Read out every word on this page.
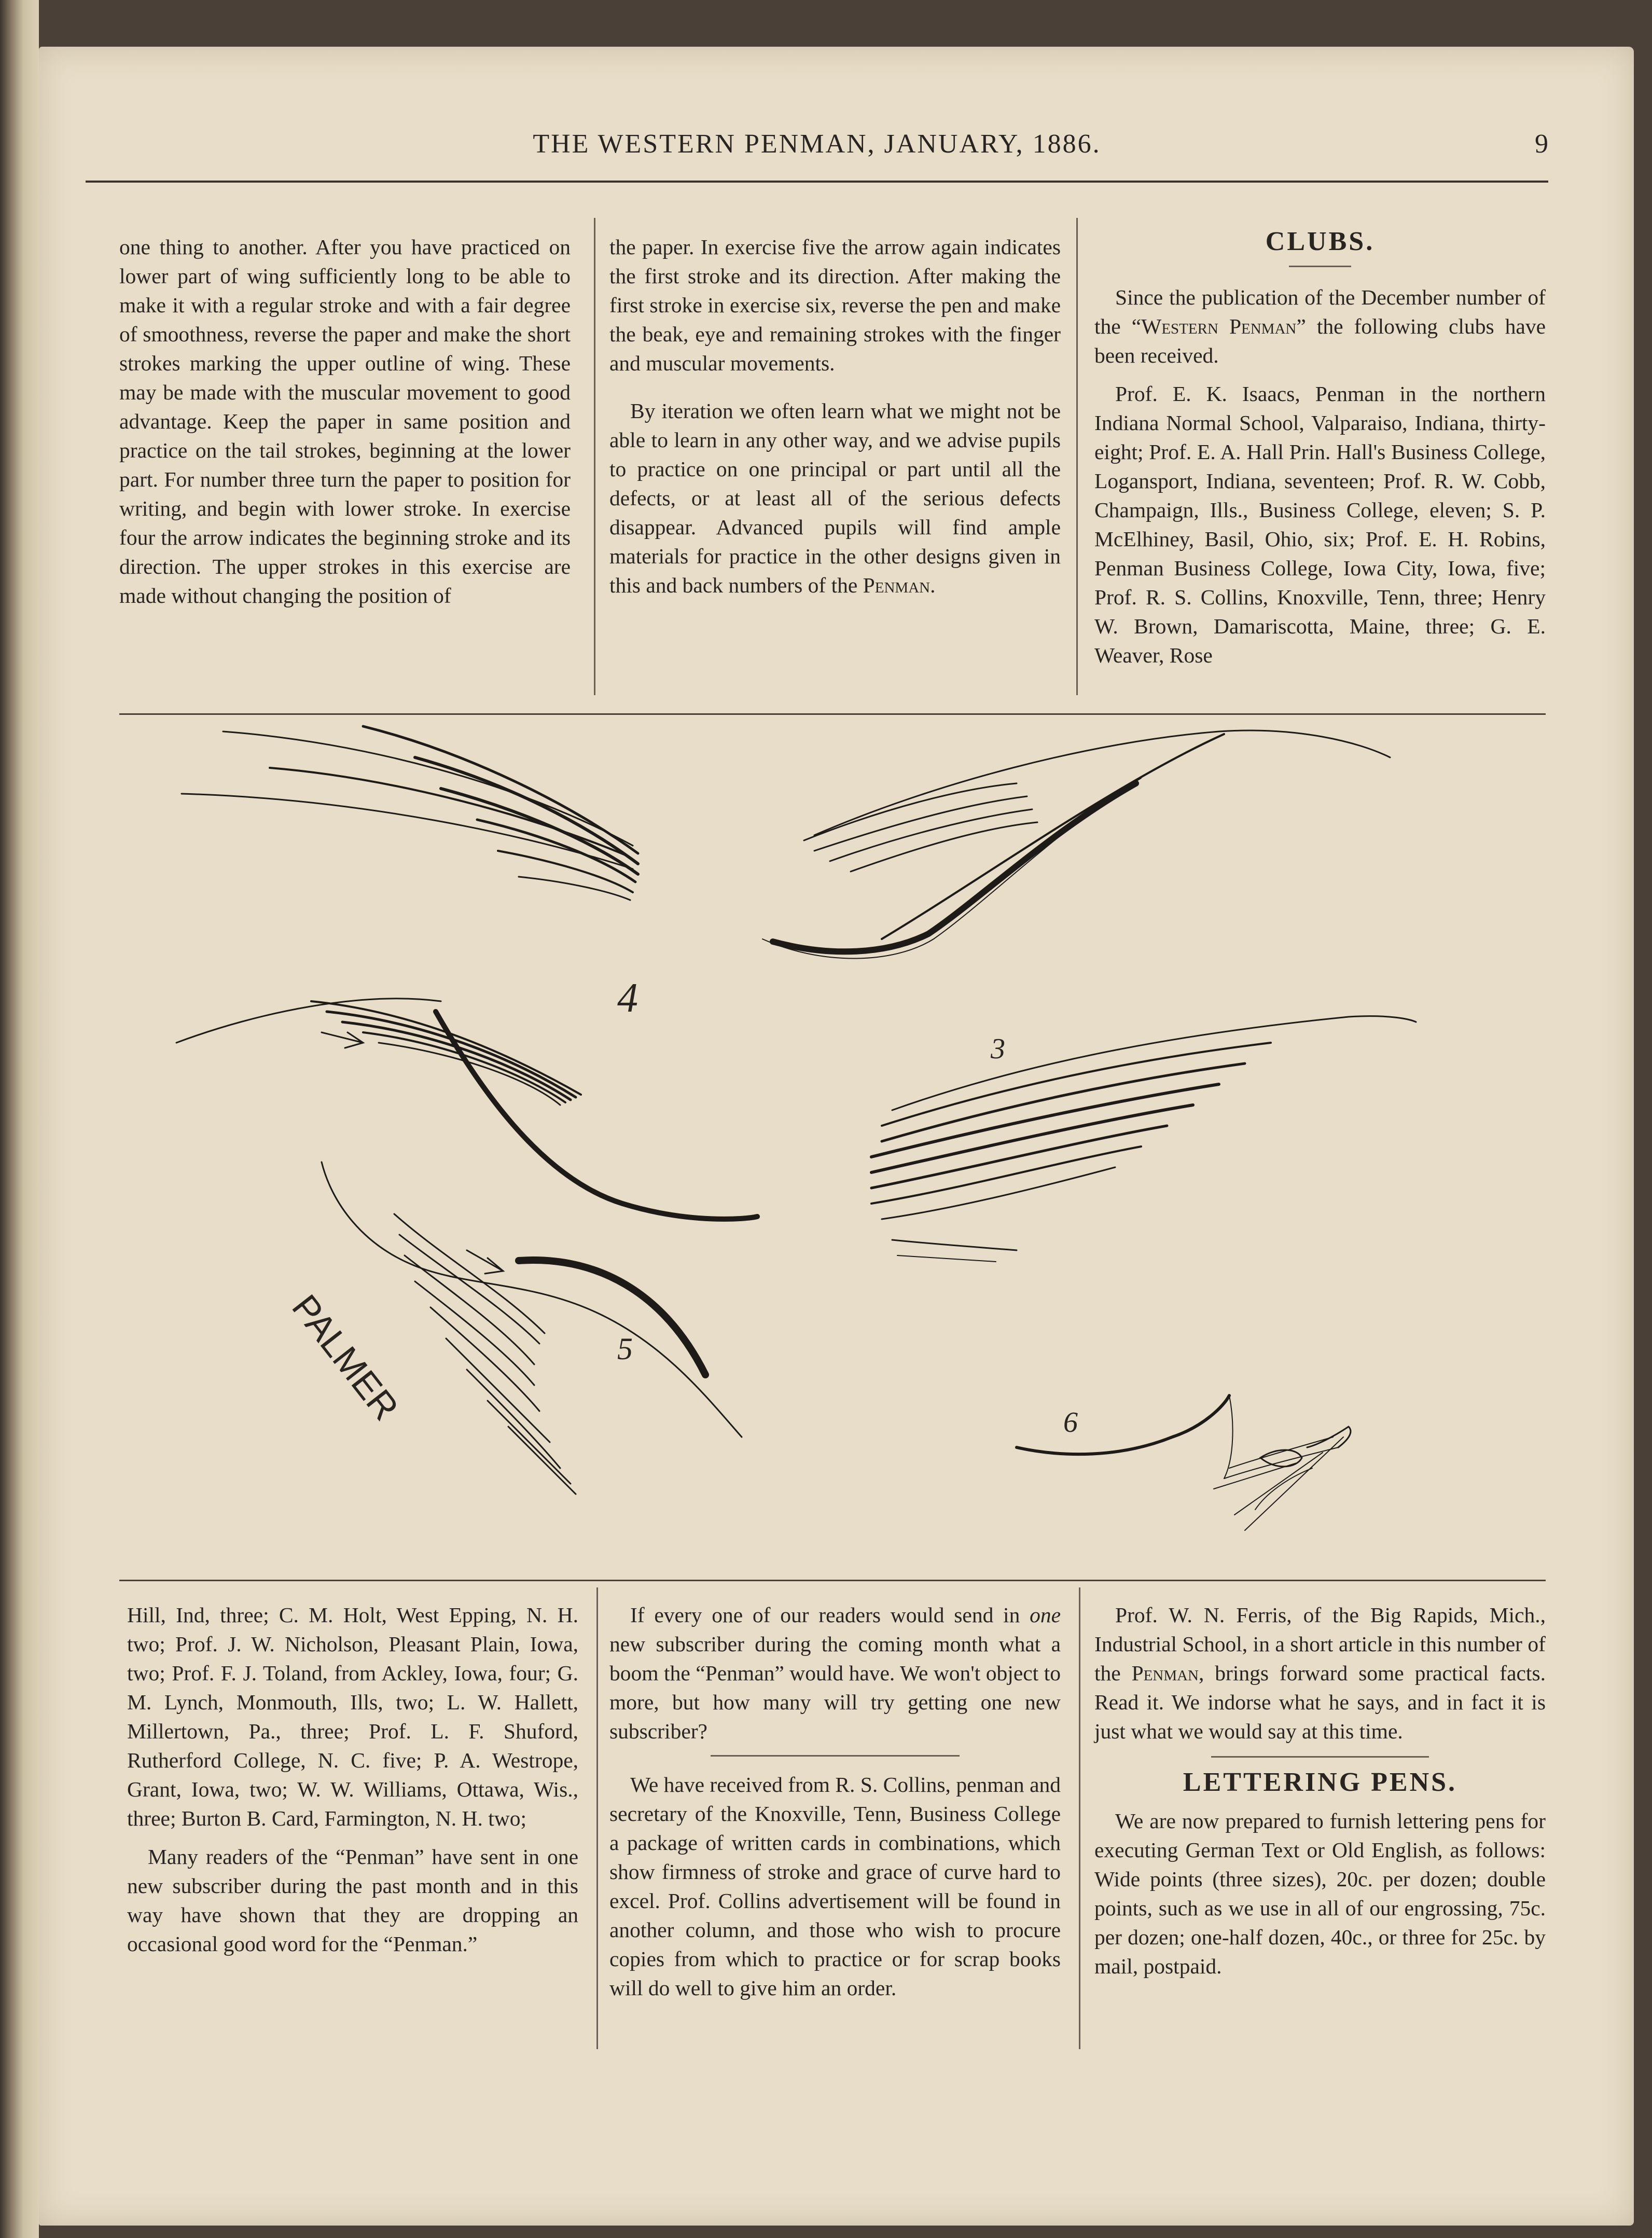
THE WESTERN PENMAN, JANUARY, 1886.	9

one thing to another. After you have practiced on lower part of wing sufficiently long to be able to make it with a regular stroke and with a fair degree of smoothness, reverse the paper and make the short strokes marking the upper outline of wing. These may be made with the muscular movement to good advantage. Keep the paper in same position and practice on the tail strokes, beginning at the lower part. For number three turn the paper to position for writing, and begin with lower stroke. In exercise four the arrow indicates the beginning stroke and its direction. The upper strokes in this exercise are made without changing the position of

the paper. In exercise five the arrow again indicates the first stroke and its direction. After making the first stroke in exercise six, reverse the pen and make the beak, eye and remaining strokes with the finger and muscular movements.

By iteration we often learn what we might not be able to learn in any other way, and we advise pupils to practice on one principal or part until all the defects, or at least all of the serious defects disappear. Advanced pupils will find ample materials for practice in the other designs given in this and back numbers of the Penman.

CLUBS.

Since the publication of the December number of the “Western Penman” the following clubs have been received.

Prof. E. K. Isaacs, Penman in the northern Indiana Normal School, Valparaiso, Indiana, thirty-eight; Prof. E. A. Hall Prin. Hall's Business College, Logansport, Indiana, seventeen; Prof. R. W. Cobb, Champaign, Ills., Business College, eleven; S. P. McElhiney, Basil, Ohio, six; Prof. E. H. Robins, Penman Business College, Iowa City, Iowa, five; Prof. R. S. Collins, Knoxville, Tenn, three; Henry W. Brown, Damariscotta, Maine, three; G. E. Weaver, Rose

3
4
5
6
PALMER

Hill, Ind, three; C. M. Holt, West Epping, N. H. two; Prof. J. W. Nicholson, Pleasant Plain, Iowa, two; Prof. F. J. Toland, from Ackley, Iowa, four; G. M. Lynch, Monmouth, Ills, two; L. W. Hallett, Millertown, Pa., three; Prof. L. F. Shuford, Rutherford College, N. C. five; P. A. Westrope, Grant, Iowa, two; W. W. Williams, Ottawa, Wis., three; Burton B. Card, Farmington, N. H. two;

Many readers of the “Penman” have sent in one new subscriber during the past month and in this way have shown that they are dropping an occasional good word for the “Penman.”

If every one of our readers would send in one new subscriber during the coming month what a boom the “Penman” would have. We won't object to more, but how many will try getting one new subscriber?

We have received from R. S. Collins, penman and secretary of the Knoxville, Tenn, Business College a package of written cards in combinations, which show firmness of stroke and grace of curve hard to excel. Prof. Collins advertisement will be found in another column, and those who wish to procure copies from which to practice or for scrap books will do well to give him an order.

Prof. W. N. Ferris, of the Big Rapids, Mich., Industrial School, in a short article in this number of the Penman, brings forward some practical facts. Read it. We indorse what he says, and in fact it is just what we would say at this time.

LETTERING PENS.

We are now prepared to furnish lettering pens for executing German Text or Old English, as follows: Wide points (three sizes), 20c. per dozen; double points, such as we use in all of our engrossing, 75c. per dozen; one-half dozen, 40c., or three for 25c. by mail, postpaid.
